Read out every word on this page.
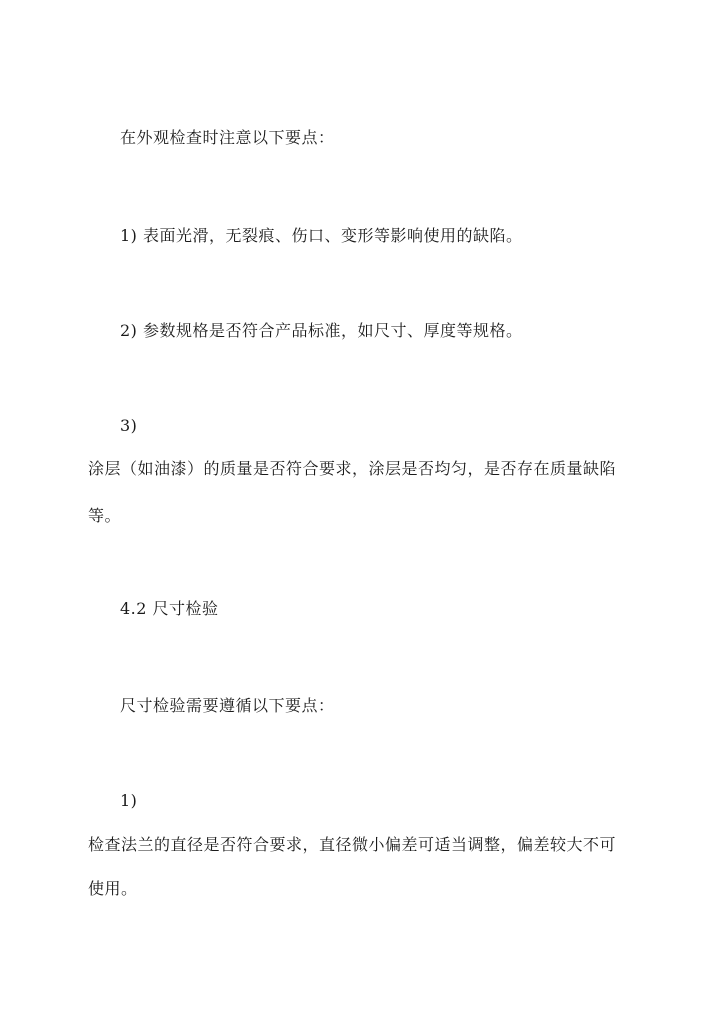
在外观检查时注意以下要点：
1) 表面光滑，无裂痕、伤口、变形等影响使用的缺陷。
2) 参数规格是否符合产品标准，如尺寸、厚度等规格。
3)
涂层（如油漆）的质量是否符合要求，涂层是否均匀，是否存在质量缺陷
等。
4.2 尺寸检验
尺寸检验需要遵循以下要点：
1)
检查法兰的直径是否符合要求，直径微小偏差可适当调整，偏差较大不可
使用。
